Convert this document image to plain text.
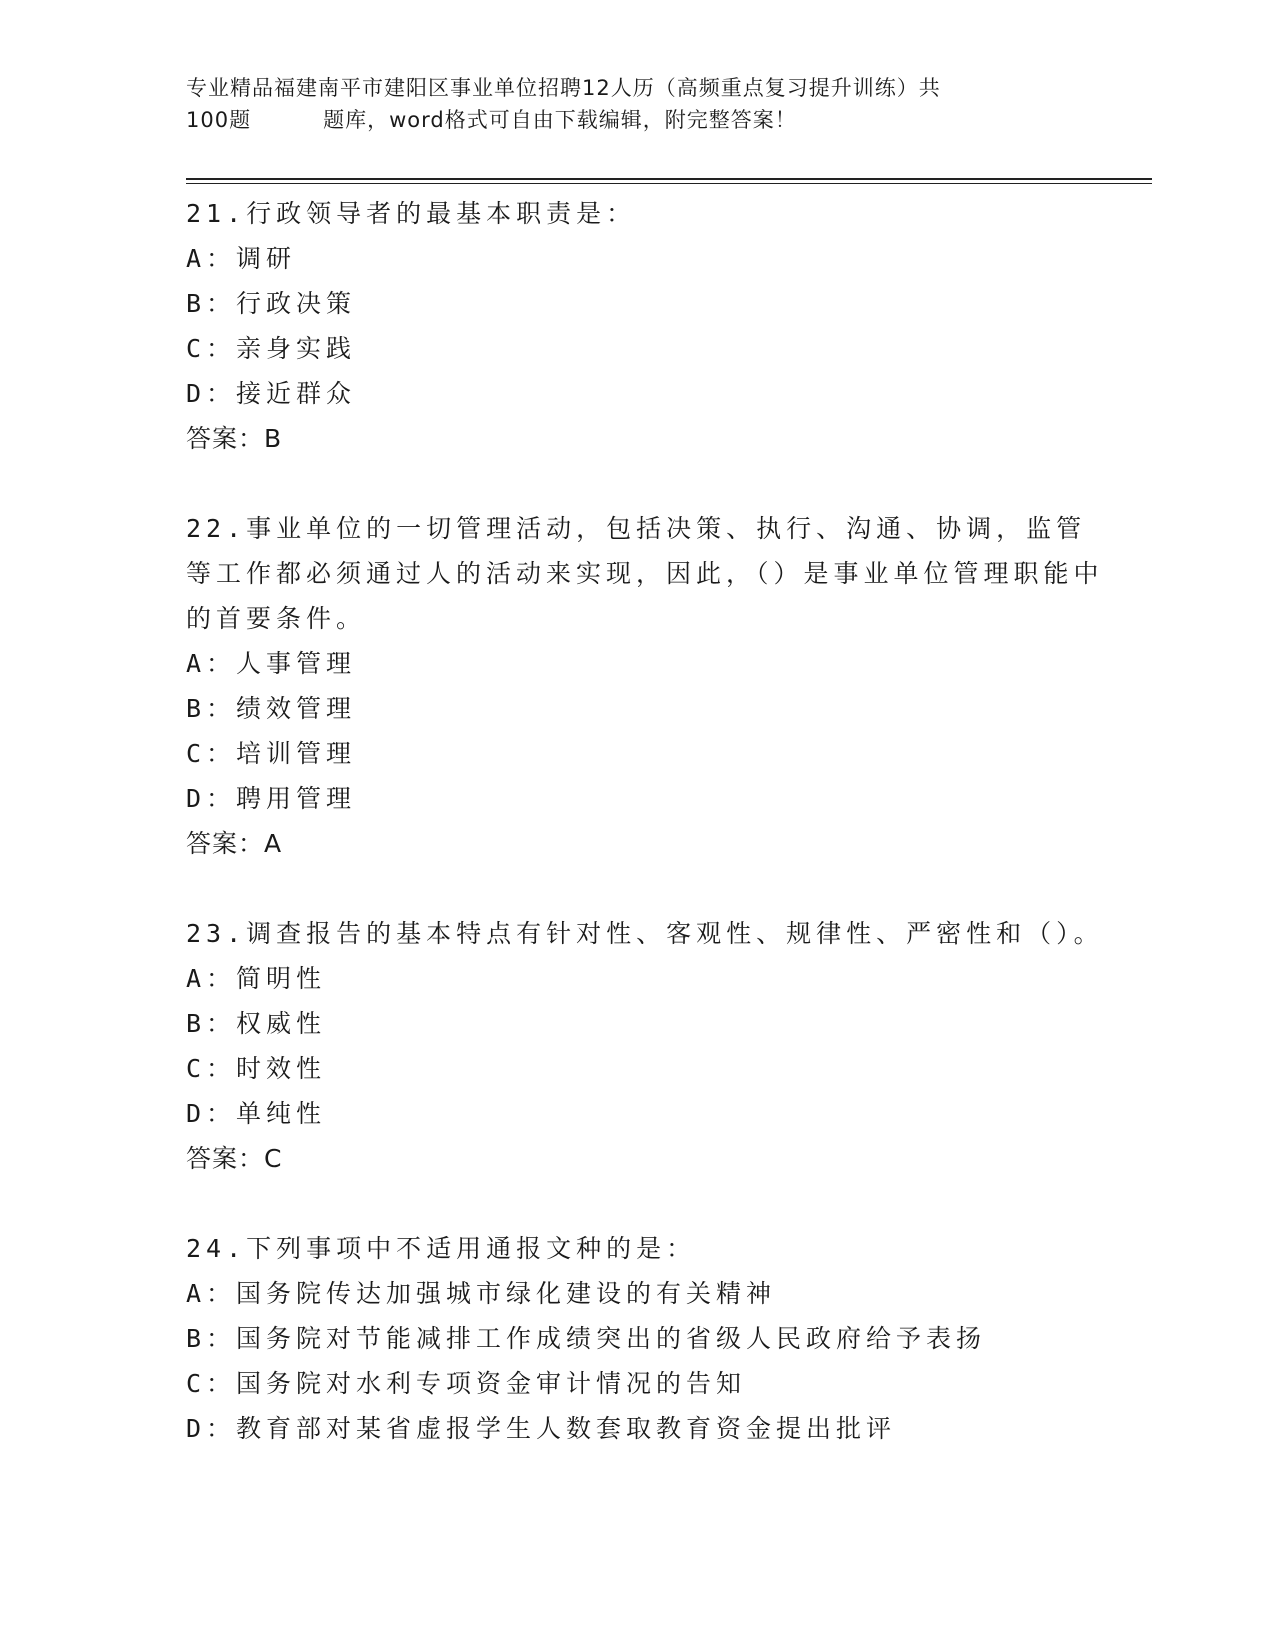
专业精品福建南平市建阳区事业单位招聘12人历（高频重点复习提升训练）共
100题	题库，word格式可自由下载编辑，附完整答案！
21.行政领导者的最基本职责是：
A：调研
B：行政决策
C：亲身实践
D：接近群众
答案：B
22.事业单位的一切管理活动，包括决策、执行、沟通、协调，监管等工作都必须通过人的活动来实现，因此，（）是事业单位管理职能中的首要条件。
A：人事管理
B：绩效管理
C：培训管理
D：聘用管理
答案：A
23.调查报告的基本特点有针对性、客观性、规律性、严密性和（）。
A：简明性
B：权威性
C：时效性
D：单纯性
答案：C
24.下列事项中不适用通报文种的是：
A：国务院传达加强城市绿化建设的有关精神
B：国务院对节能减排工作成绩突出的省级人民政府给予表扬
C：国务院对水利专项资金审计情况的告知
D：教育部对某省虚报学生人数套取教育资金提出批评
